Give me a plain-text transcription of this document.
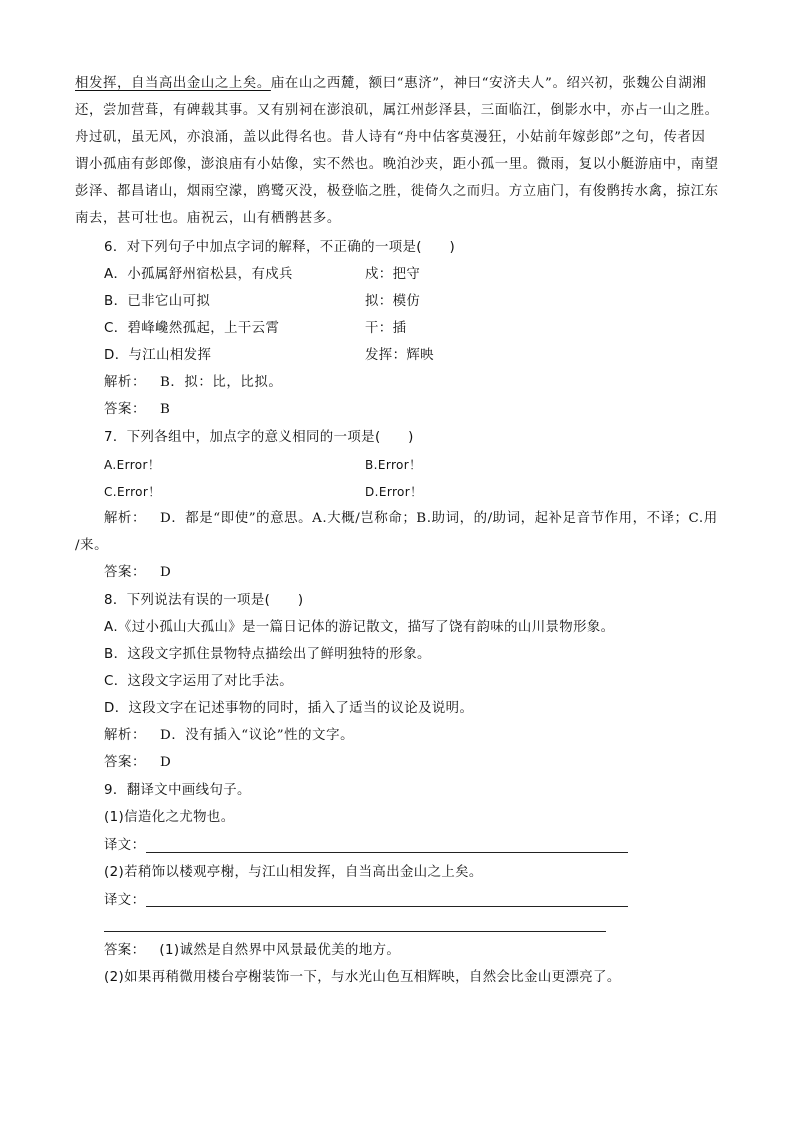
相发挥，自当高出金山之上矣。庙在山之西麓，额曰“惠济”，神曰“安济夫人”。绍兴初，张魏公自湖湘
还，尝加营葺，有碑载其事。又有别祠在澎浪矶，属江州彭泽县，三面临江，倒影水中，亦占一山之胜。
舟过矶，虽无风，亦浪涌，盖以此得名也。昔人诗有“舟中估客莫漫狂，小姑前年嫁彭郎”之句，传者因
谓小孤庙有彭郎像，澎浪庙有小姑像，实不然也。晚泊沙夹，距小孤一里。微雨，复以小艇游庙中，南望
彭泽、都昌诸山，烟雨空濛，鸥鹭灭没，极登临之胜，徙倚久之而归。方立庙门，有俊鹘抟水禽，掠江东
南去，甚可壮也。庙祝云，山有栖鹘甚多。
6．对下列句子中加点字词的解释，不正确的一项是(　　)
A．小孤属舒州宿松县，有戍兵	戍：把守
B．已非它山可拟	拟：模仿
C．碧峰巉然孤起，上干云霄	干：插
D．与江山相发挥	发挥：辉映
解析： B．拟：比，比拟。
答案： B
7．下列各组中，加点字的意义相同的一项是(　　)
A.Error！	B.Error！
C.Error！	D.Error！
解析： D．都是“即使”的意思。A.大概/岂称命；B.助词，的/助词，起补足音节作用，不译；C.用
/来。
答案： D
8．下列说法有误的一项是(　　)
A.《过小孤山大孤山》是一篇日记体的游记散文，描写了饶有韵味的山川景物形象。
B．这段文字抓住景物特点描绘出了鲜明独特的形象。
C．这段文字运用了对比手法。
D．这段文字在记述事物的同时，插入了适当的议论及说明。
解析： D．没有插入“议论”性的文字。
答案： D
9．翻译文中画线句子。
(1)信造化之尤物也。
译文：
(2)若稍饰以楼观亭榭，与江山相发挥，自当高出金山之上矣。
译文：
答案： (1)诚然是自然界中风景最优美的地方。
(2)如果再稍微用楼台亭榭装饰一下，与水光山色互相辉映，自然会比金山更漂亮了。
